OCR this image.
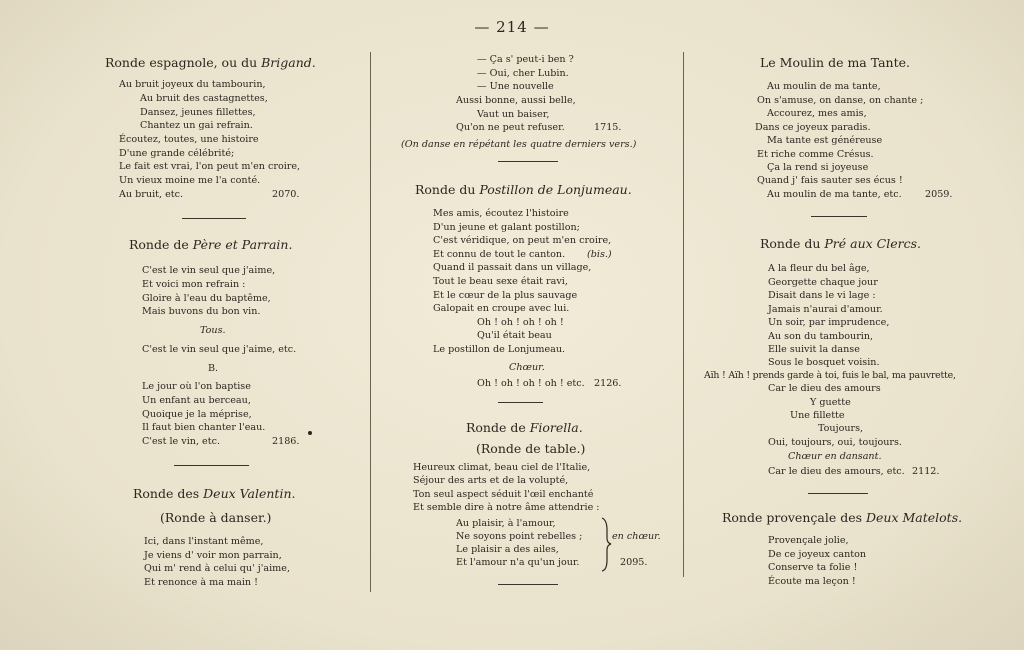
— 214 —
Ronde espagnole, ou du Brigand.
Au bruit joyeux du tambourin,
Au bruit des castagnettes,
Dansez, jeunes fillettes,
Chantez un gai refrain.
Écoutez, toutes, une histoire
D'une grande célébrité;
Le fait est vrai, l'on peut m'en croire,
Un vieux moine me l'a conté.
Au bruit, etc.	2070.
Ronde de Père et Parrain.
C'est le vin seul que j'aime,
Et voici mon refrain :
Gloire à l'eau du baptême,
Mais buvons du bon vin.
Tous.
C'est le vin seul que j'aime, etc.
B.
Le jour où l'on baptise
Un enfant au berceau,
Quoique je la méprise,
Il faut bien chanter l'eau.
C'est le vin, etc.	2186.
Ronde des Deux Valentin.
(Ronde à danser.)
Ici, dans l'instant même,
Je viens d' voir mon parrain,
Qui m' rend à celui qu' j'aime,
Et renonce à ma main !
— Ça s' peut-i ben ?
— Oui, cher Lubin.
— Une nouvelle
Aussi bonne, aussi belle,
Vaut un baiser,
Qu'on ne peut refuser.	1715.
(On danse en répétant les quatre derniers vers.)
Ronde du Postillon de Lonjumeau.
Mes amis, écoutez l'histoire
D'un jeune et galant postillon;
C'est véridique, on peut m'en croire,
Et connu de tout le canton. (bis.)
Quand il passait dans un village,
Tout le beau sexe était ravi,
Et le cœur de la plus sauvage
Galopait en croupe avec lui.
Oh ! oh ! oh ! oh !
Qu'il était beau
Le postillon de Lonjumeau.
Chœur.
Oh ! oh ! oh ! oh ! etc. 2126.
Ronde de Fiorella.
(Ronde de table.)
Heureux climat, beau ciel de l'Italie,
Séjour des arts et de la volupté,
Ton seul aspect séduit l'œil enchanté
Et semble dire à notre âme attendrie :
Au plaisir, à l'amour,
Ne soyons point rebelles ;
Le plaisir a des ailes,
Et l'amour n'a qu'un jour.
en chœur.
2095.
Le Moulin de ma Tante.
Au moulin de ma tante,
On s'amuse, on danse, on chante ;
Accourez, mes amis,
Dans ce joyeux paradis.
Ma tante est généreuse
Et riche comme Crésus.
Ça la rend si joyeuse
Quand j' fais sauter ses écus !
Au moulin de ma tante, etc. 2059.
Ronde du Pré aux Clercs.
A la fleur du bel âge,
Georgette chaque jour
Disait dans le vi lage :
Jamais n'aurai d'amour.
Un soir, par imprudence,
Au son du tambourin,
Elle suivit la danse
Sous le bosquet voisin.
Aïh ! Aïh ! prends garde à toi, fuis le bal, ma pauvrette,
Car le dieu des amours
Y guette
Une fillette
Toujours,
Oui, toujours, oui, toujours.
Chœur en dansant.
Car le dieu des amours, etc. 2112.
Ronde provençale des Deux Matelots.
Provençale jolie,
De ce joyeux canton
Conserve ta folie !
Écoute ma leçon !
